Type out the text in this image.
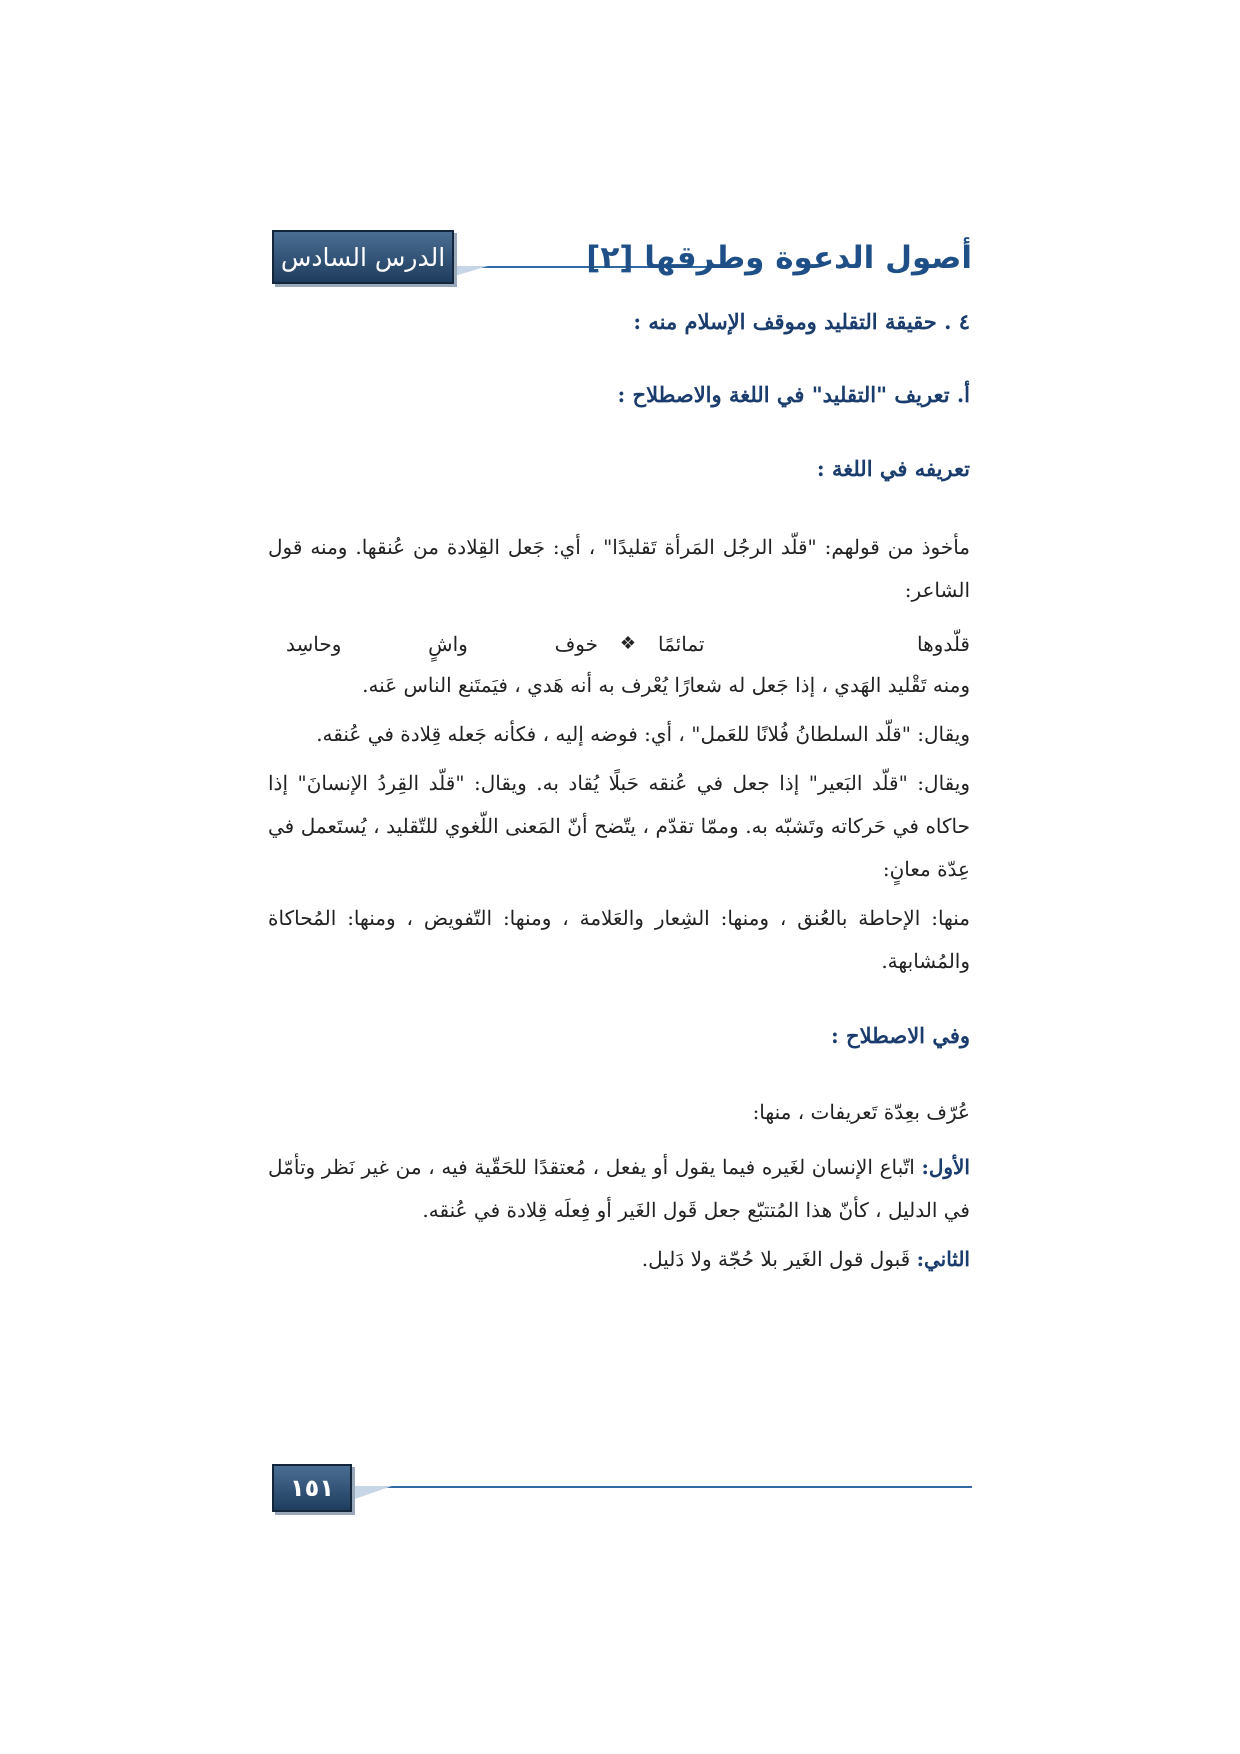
الدرس السادس	أصول الدعوة وطرقها [٢]
٤ . حقيقة التقليد وموقف الإسلام منه :
أ. تعريف "التقليد" في اللغة والاصطلاح :
تعريفه في اللغة :

مأخوذ من قولهم: "قلّد الرجُل المَرأة تَقليدًا" ، أي: جَعل القِلادة من عُنقها. ومنه قول الشاعر:

قلّدوها
تمائمًا
❖
خوف
واشٍ
وحاسِد

ومنه تَقْليد الهَدي ، إذا جَعل له شعارًا يُعْرف به أنه هَدي ، فيَمتَنع الناس عَنه.

ويقال: "قلّد السلطانُ فُلانًا للعَمل" ، أي: فوضه إليه ، فكأنه جَعله قِلادة في عُنقه.

ويقال: "قلّد البَعير" إذا جعل في عُنقه حَبلًا يُقاد به. ويقال: "قلّد القِردُ الإنسانَ" إذا حاكاه في حَركاته وتَشبّه به. وممّا تقدّم ، يتّضح أنّ المَعنى اللّغوي للتّقليد ، يُستَعمل في عِدّة معانٍ:

منها: الإحاطة بالعُنق ، ومنها: الشِعار والعَلامة ، ومنها: التّفويض ، ومنها: المُحاكاة والمُشابهة.

وفي الاصطلاح :

عُرّف بعِدّة تَعريفات ، منها:

الأول: اتّباع الإنسان لغَيره فيما يقول أو يفعل ، مُعتقدًا للحَقّية فيه ، من غير نَظر وتأمّل في الدليل ، كأنّ هذا المُتتبّع جعل قَول الغَير أو فِعلَه قِلادة في عُنقه.

الثاني: قَبول قول الغَير بلا حُجّة ولا دَليل.

١٥١
